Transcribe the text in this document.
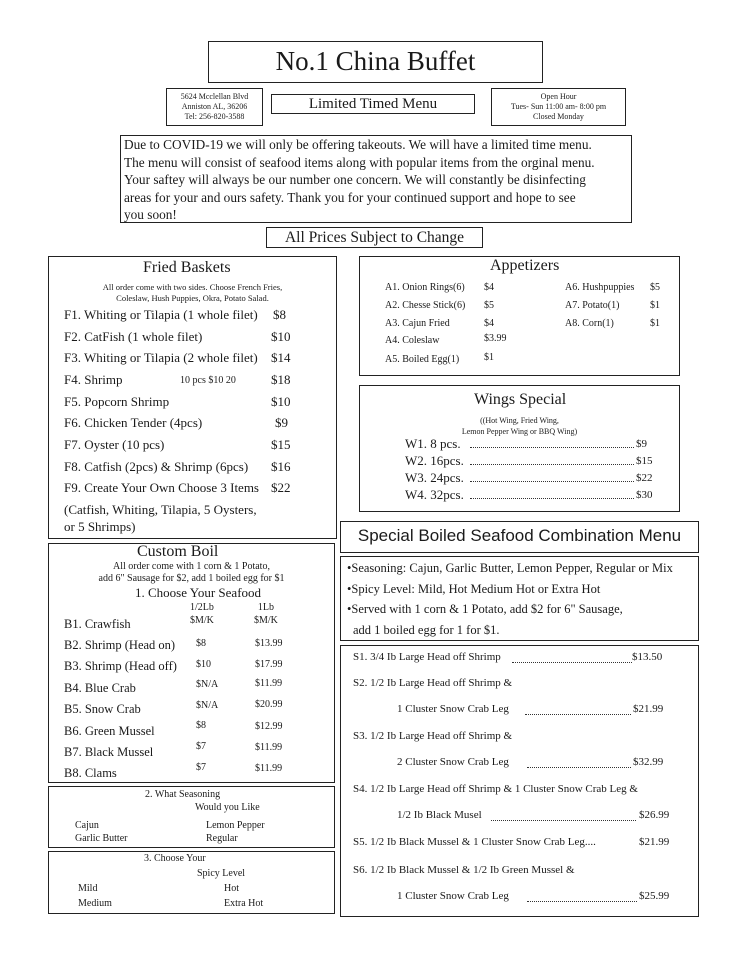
No.1 China Buffet
5624 Mcclellan Blvd
Anniston AL, 36206
Tel: 256-820-3588
Limited Timed Menu	Open Hour
Tues- Sun 11:00 am- 8:00 pm
Closed Monday
Due to COVID-19 we will only be offering takeouts. We will have a limited time menu.
The menu will consist of seafood items along with popular items from the orginal menu.
Your saftey will always be our number one concern. We will constantly be disinfecting
areas for your and ours safety. Thank you for your continued support and hope to see
you soon!
All Prices Subject to Change
Fried Baskets
All order come with two sides. Choose French Fries,
Coleslaw, Hush Puppies, Okra, Potato Salad.
F1. Whiting or Tilapia (1 whole filet) $8
F2. CatFish (1 whole filet)	$10
F3. Whiting or Tilapia (2 whole filet) $14
F4. Shrimp	10 pcs $10 20	$18
F5. Popcorn Shrimp	$10
F6. Chicken Tender (4pcs)	$9
F7. Oyster (10 pcs)	$15
F8. Catfish (2pcs) & Shrimp (6pcs) $16
F9. Create Your Own Choose 3 Items $22
(Catfish, Whiting, Tilapia, 5 Oysters,
or 5 Shrimps)
Appetizers
A1. Onion Rings(6) $4
A2. Chesse Stick(6) $5
A3. Cajun Fried	$4
A4. Coleslaw	$3.99
A5. Boiled Egg(1) $1
A6. Hushpuppies $5
A7. Potato(1)	$1
A8. Corn(1)	$1
Wings Special
((Hot Wing, Fried Wing,
Lemon Pepper Wing or BBQ Wing)
W1. 8 pcs.	$9
W2. 16pcs.	$15
W3. 24pcs.	$22
W4. 32pcs.	$30
Special Boiled Seafood Combination Menu
•Seasoning: Cajun, Garlic Butter, Lemon Pepper, Regular or Mix
•Spicy Level: Mild, Hot Medium Hot or Extra Hot
•Served with 1 corn & 1 Potato, add $2 for 6" Sausage,
add 1 boiled egg for 1 for $1.
S1. 3/4 Ib Large Head off Shrimp	$13.50
S2. 1/2 Ib Large Head off Shrimp &
1 Cluster Snow Crab Leg	$21.99
S3. 1/2 Ib Large Head off Shrimp &
2 Cluster Snow Crab Leg	$32.99
S4. 1/2 Ib Large Head off Shrimp & 1 Cluster Snow Crab Leg &
1/2 Ib Black Musel	$26.99
S5. 1/2 Ib Black Mussel & 1 Cluster Snow Crab Leg....	$21.99
S6. 1/2 Ib Black Mussel & 1/2 Ib Green Mussel &
1 Cluster Snow Crab Leg	$25.99
Custom Boil
All order come with 1 corn & 1 Potato,
add 6" Sausage for $2, add 1 boiled egg for $1
1. Choose Your Seafood
1/2Lb
$M/K
1Lb
$M/K
B1. Crawfish
B2. Shrimp (Head on) $8	$13.99
B3. Shrimp (Head off) $10	$17.99
B4. Blue Crab	$N/A	$11.99
B5. Snow Crab	$N/A	$20.99
B6. Green Mussel	$8	$12.99
B7. Black Mussel	$7	$11.99
B8. Clams	$7	$11.99
2. What Seasoning
Would you Like
Cajun
Garlic Butter
Lemon Pepper
Regular
3. Choose Your
Spicy Level
Mild
Medium
Hot
Extra Hot
